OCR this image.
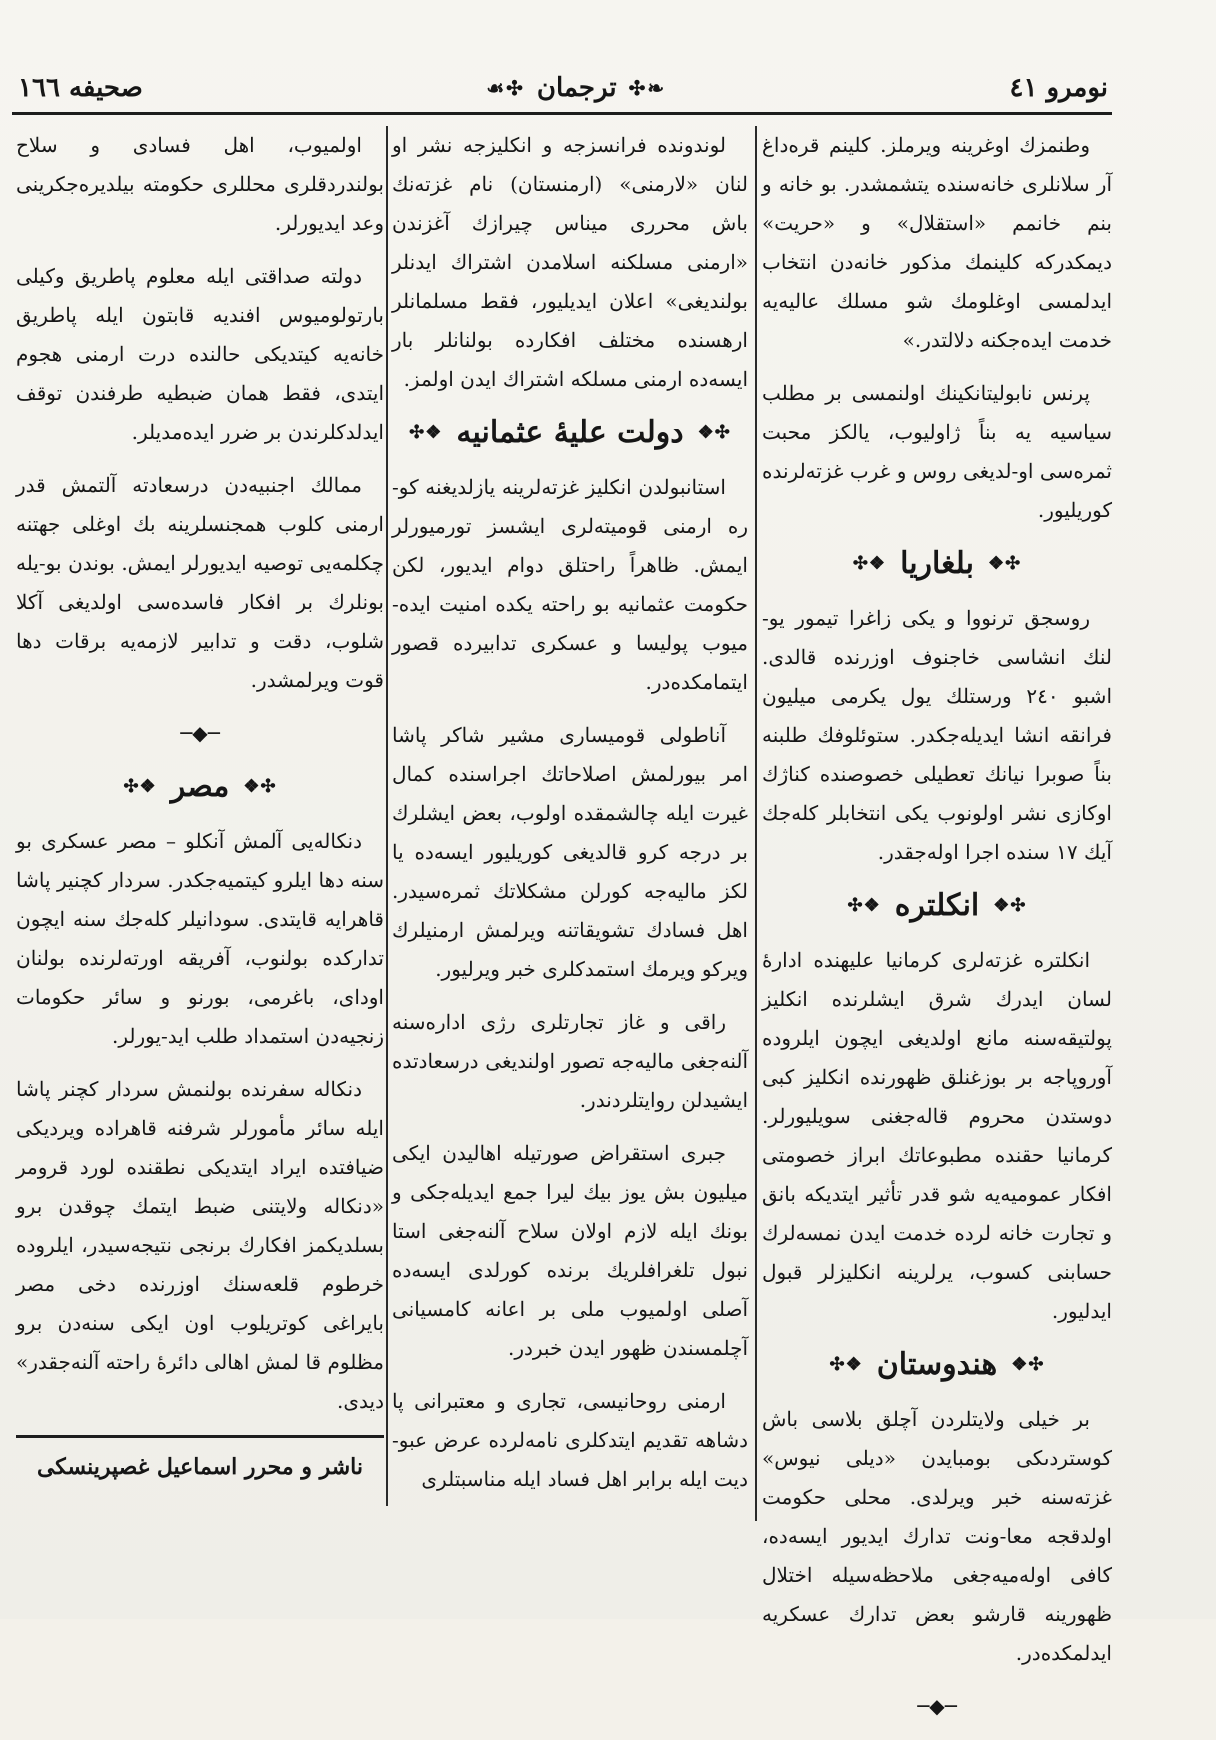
نومرو ٤١
❧✣
ترجمان
✣☙
صحيفه ١٦٦

وطنمزك اوغرينه ويرملز. كلينم قره‌داغ آر سلانلرى خانه‌سنده يتشمشدر. بو خانه و بنم خانمم «استقلال» و «حريت» ديمكدركه كلينمك مذكور خانه‌دن انتخاب ايدلمسى اوغلومك شو مسلك عاليه‌يه خدمت ايده‌جكنه دلالتدر.»

پرنس نابوليتانكينك اولنمسى بر مطلب سياسيه يه بناً ژاوليوب، يالكز محبت ثمره‌سى او-لديغى روس و غرب غزته‌لرنده كوريليور.

✣❖
بلغاريا
❖✣

روسجق ترنووا و يكى زاغرا تيمور يو-لنك انشاسى خاجنوف اوزرنده قالدى. اشبو ٢٤٠ ورستلك يول يكرمى ميليون فرانقه انشا ايديله‌جكدر. ستوئلوفك طلبنه بناً صوبرا نيانك تعطيلى خصوصنده كناژك اوكازى نشر اولونوب يكى انتخابلر كله‌جك آيك ١٧ سنده اجرا اوله‌جقدر.

✣❖
انكلتره
❖✣

انكلتره غزته‌لرى كرمانيا عليهنده ادارهٔ لسان ايدرك شرق ايشلرنده انكليز پولتيقه‌سنه مانع اولديغى ايچون ايلروده آوروپاجه بر بوزغنلق ظهورنده انكليز كبى دوستدن محروم قاله‌جغنى سويليورلر. كرمانيا حقنده مطبوعاتك ابراز خصومتى افكار عموميه‌يه شو قدر تأثير ايتديكه بانق و تجارت خانه لرده خدمت ايدن نمسه‌لرك حسابنى كسوب، يرلرينه انكليزلر قبول ايدليور.

✣❖
هندوستان
❖✣

بر خيلى ولايتلردن آچلق بلاسى باش كوستردىكى بومبايدن «ديلى نيوس» غزته‌سنه خبر ويرلدى. محلى حكومت اولدقجه معا-ونت تدارك ايديور ايسه‌ده، كافى اوله‌ميه‌جغى ملاحظه‌سيله اختلال ظهورينه قارشو بعض تدارك عسكريه ايدلمكده‌در.

─◆─

لوندونده فرانسزجه و انكليزجه نشر او لنان «لارمنى» (ارمنستان) نام غزته‌نك باش محررى ميناس چيرازك آغزندن «ارمنى مسلكنه اسلامدن اشتراك ايدنلر بولنديغى» اعلان ايديليور، فقط مسلمانلر ارهسنده مختلف افكارده بولنانلر بار ايسه‌ده ارمنى مسلكه اشتراك ايدن اولمز.

✣❖
دولت عليهٔ عثمانيه
❖✣

استانبولدن انكليز غزته‌لرينه يازلديغنه كو-ره ارمنى قوميته‌لرى ايشسز تورميورلر ايمش. ظاهراً راحتلق دوام ايديور، لكن حكومت عثمانيه بو راحته يكده امنيت ايده-ميوب پوليسا و عسكرى تدابيرده قصور ايتمامكده‌در.

آناطولى قوميسارى مشير شاكر پاشا امر بيورلمش اصلاحاتك اجراسنده كمال غيرت ايله چالشمقده اولوب، بعض ايشلرك بر درجه كرو قالديغى كوريليور ايسه‌ده يا لكز ماليه‌جه كورلن مشكلاتك ثمره‌سيدر. اهل فسادك تشويقاتنه ويرلمش ارمنيلرك ويركو ويرمك استمدكلرى خبر ويرليور.

راقى و غاز تجارتلرى رژى اداره‌سنه آلنه‌جغى ماليه‌جه تصور اولنديغى درسعادتده ايشيدلن روايتلردندر.

جبرى استقراض صورتيله اهاليدن ايكى ميليون بش يوز بيك ليرا جمع ايديله‌جكى و بونك ايله لازم اولان سلاح آلنه‌جغى استا نبول تلغرافلريك برنده كورلدى ايسه‌ده آصلى اولميوب ملى بر اعانه كامسيانى آچلمسندن ظهور ايدن خبردر.

ارمنى روحانيسى، تجارى و معتبرانى پا دشاهه تقديم ايتدكلرى نامه‌لرده عرض عبو-ديت ايله برابر اهل فساد ايله مناسبتلرى

اولميوب، اهل فسادى و سلاح بولندردقلرى محللرى حكومته بيلديره‌جكرينى وعد ايديورلر.

دولته صداقتى ايله معلوم پاطريق وكيلى بارتولوميوس افنديه قابتون ايله پاطريق خانه‌يه كيتديكى حالنده درت ارمنى هجوم ايتدى، فقط همان ضبطيه طرفندن توقف ايدلدكلرندن بر ضرر ايده‌مديلر.

ممالك اجنبيه‌دن درسعادته آلتمش قدر ارمنى كلوب همجنسلرينه بك اوغلى جهتنه چكلمه‌يى توصيه ايديورلر ايمش. بوندن بو-يله بونلرك بر افكار فاسده‌سى اولديغى آكلا شلوب، دقت و تدابير لازمه‌يه برقات دها قوت ويرلمشدر.

─◆─
✣❖
مصر
❖✣

دنكاله‌يى آلمش آنكلو – مصر عسكرى بو سنه دها ايلرو كيتميه‌جكدر. سردار كچنير پاشا قاهرايه قايتدى. سودانيلر كله‌جك سنه ايچون تداركده بولنوب، آفريقه اورته‌لرنده بولنان اوداى، باغرمى، بورنو و سائر حكومات زنجيه‌دن استمداد طلب ايد-يورلر.

دنكاله سفرنده بولنمش سردار كچنر پاشا ايله سائر مأمورلر شرفنه قاهراده ويرديكى ضيافتده ايراد ايتديكى نطقنده لورد قرومر «دنكاله ولايتنى ضبط ايتمك چوقدن برو بسلديكمز افكارك برنجى نتيجه‌سيدر، ايلروده خرطوم قلعه‌سنك اوزرنده دخى مصر بايراغى كوتريلوب اون ايكى سنه‌دن برو مظلوم قا لمش اهالى دائرهٔ راحته آلنه‌جقدر» ديدى.

ناشر و محرر اسماعيل غصپرينسكى
